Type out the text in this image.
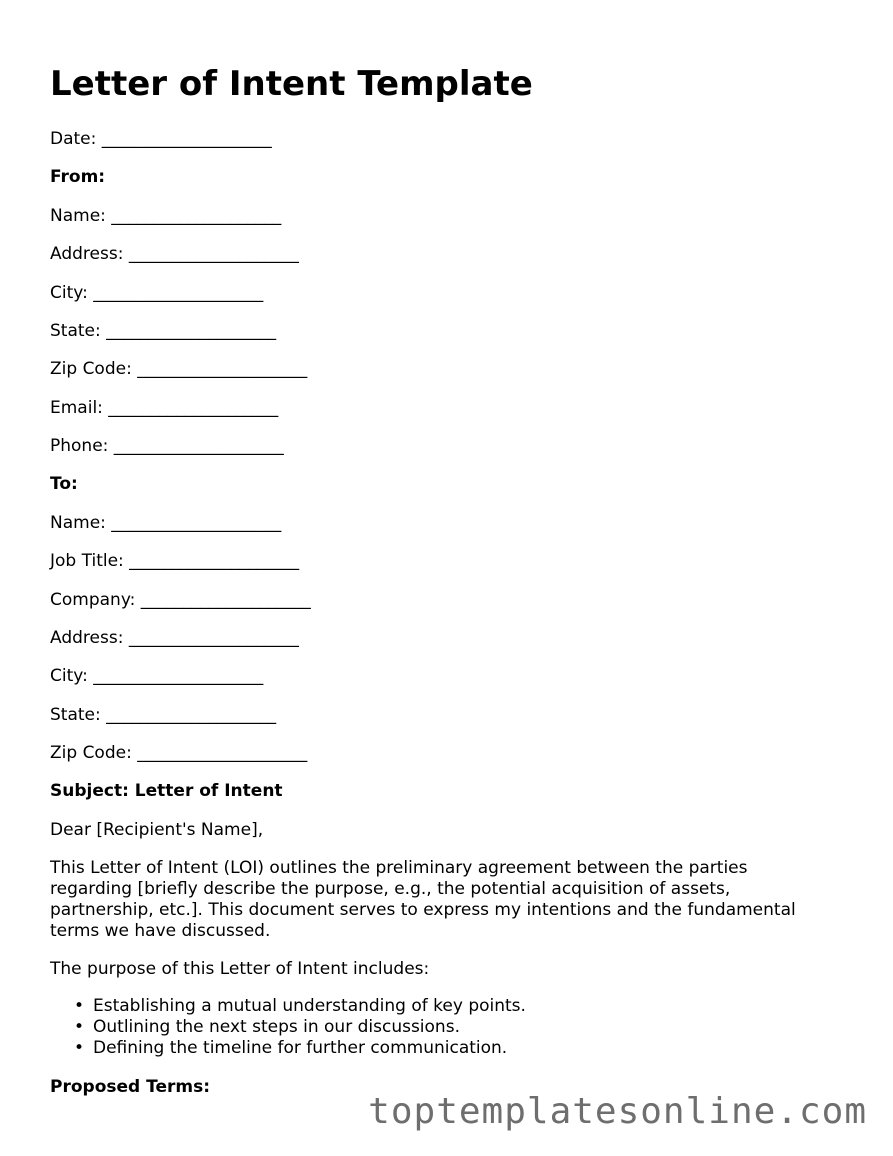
Letter of Intent Template

Date: ____________________

From:

Name: ____________________

Address: ____________________

City: ____________________

State: ____________________

Zip Code: ____________________

Email: ____________________

Phone: ____________________

To:

Name: ____________________

Job Title: ____________________

Company: ____________________

Address: ____________________

City: ____________________

State: ____________________

Zip Code: ____________________

Subject: Letter of Intent

Dear [Recipient's Name],

This Letter of Intent (LOI) outlines the preliminary agreement between the parties regarding [briefly describe the purpose, e.g., the potential acquisition of assets, partnership, etc.]. This document serves to express my intentions and the fundamental terms we have discussed.

The purpose of this Letter of Intent includes:

• Establishing a mutual understanding of key points.
• Outlining the next steps in our discussions.
• Defining the timeline for further communication.

Proposed Terms:

toptemplatesonline.com
